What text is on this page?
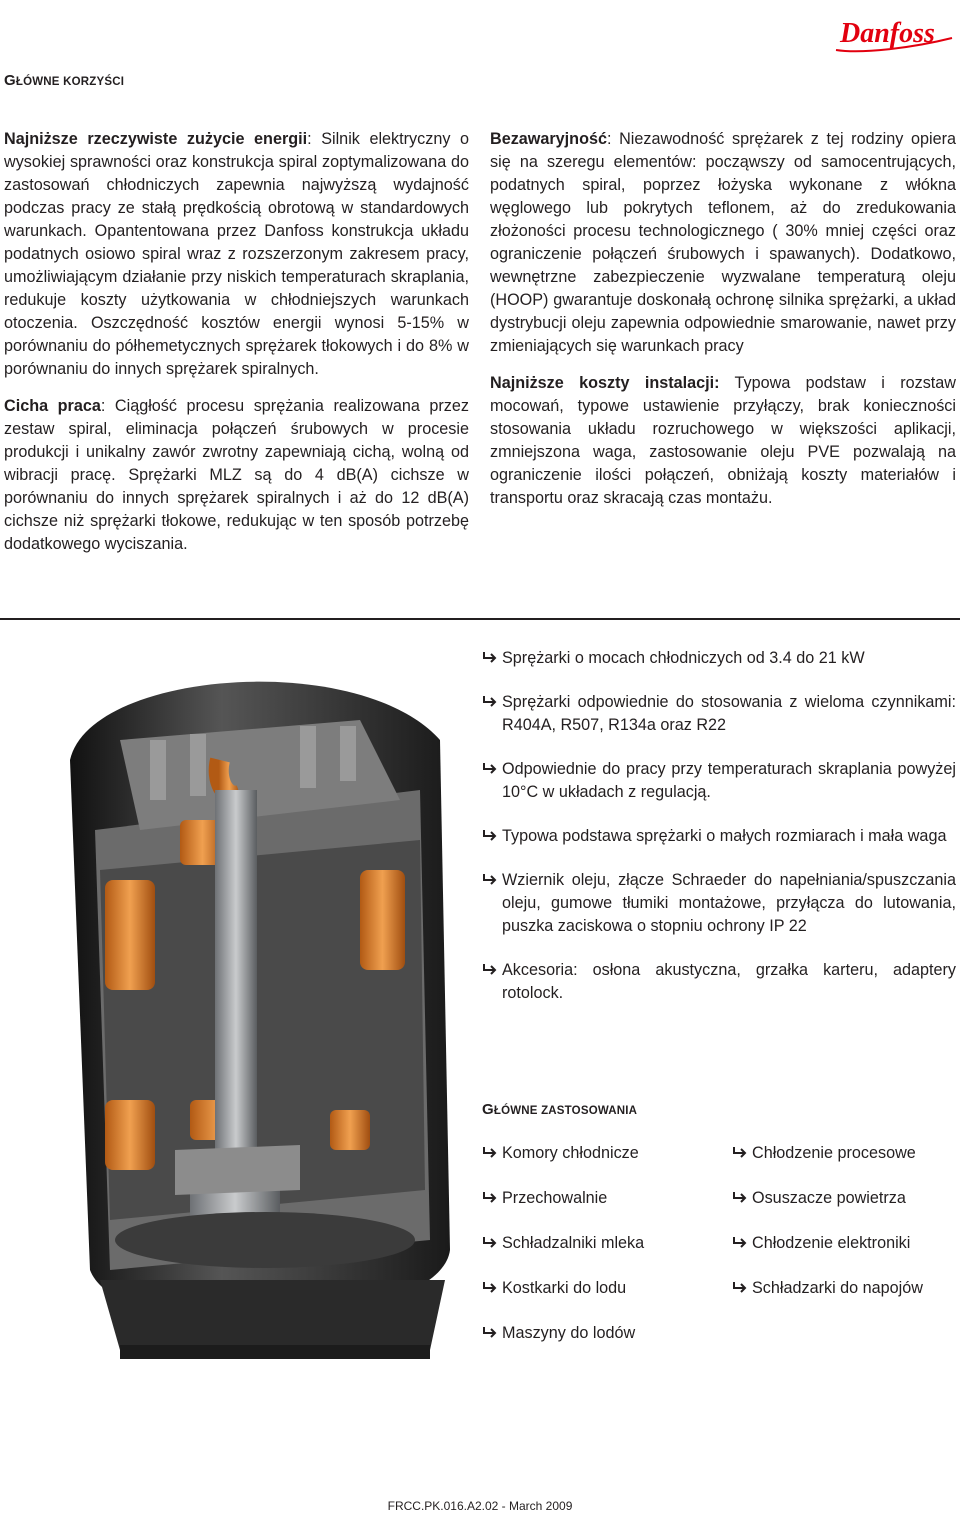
Danfoss
GŁÓWNE KORZYŚCI

Najniższe rzeczywiste zużycie energii: Silnik elektryczny o wysokiej sprawności oraz konstrukcja spiral zoptymalizowana do zastosowań chłodniczych zapewnia najwyższą wydajność podczas pracy ze stałą prędkością obrotową w standardowych warunkach. Opantentowana przez Danfoss konstrukcja układu podatnych osiowo spiral wraz z rozszerzonym zakresem pracy, umożliwiającym działanie przy niskich temperaturach skraplania, redukuje koszty użytkowania w chłodniejszych warunkach otoczenia. Oszczędność kosztów energii wynosi 5-15% w porównaniu do półhemetycznych sprężarek tłokowych i do 8% w porównaniu do innych sprężarek spiralnych.

Cicha praca: Ciągłość procesu sprężania realizowana przez zestaw spiral, eliminacja połączeń śrubowych w procesie produkcji i unikalny zawór zwrotny zapewniają cichą, wolną od wibracji pracę. Sprężarki MLZ są do 4 dB(A) cichsze w porównaniu do innych sprężarek spiralnych i aż do 12 dB(A) cichsze niż sprężarki tłokowe, redukując w ten sposób potrzebę dodatkowego wyciszania.

Bezawaryjność: Niezawodność sprężarek z tej rodziny opiera się na szeregu elementów: począwszy od samocentrujących, podatnych spiral, poprzez łożyska wykonane z włókna węglowego lub pokrytych teflonem, aż do zredukowania złożoności procesu technologicznego ( 30% mniej części oraz ograniczenie połączeń śrubowych i spawanych). Dodatkowo, wewnętrzne zabezpieczenie wyzwalane temperaturą oleju (HOOP) gwarantuje doskonałą ochronę silnika sprężarki, a układ dystrybucji oleju zapewnia odpowiednie smarowanie, nawet przy zmieniających się warunkach pracy

Najniższe koszty instalacji: Typowa podstaw i rozstaw mocowań, typowe ustawienie przyłączy, brak konieczności stosowania układu rozruchowego w większości aplikacji, zmniejszona waga, zastosowanie oleju PVE pozwalają na ograniczenie ilości połączeń, obniżają koszty materiałów i transportu oraz skracają czas montażu.

Sprężarki o mocach chłodniczych od 3.4 do 21 kW
Sprężarki odpowiednie do stosowania z wieloma czynnikami: R404A, R507, R134a oraz R22
Odpowiednie do pracy przy temperaturach skraplania powyżej 10°C w układach z regulacją.
Typowa podstawa sprężarki o małych rozmiarach i mała waga
Wziernik oleju, złącze Schraeder do napełniania/spuszczania oleju, gumowe tłumiki montażowe, przyłącza do lutowania, puszka zaciskowa o stopniu ochrony IP 22
Akcesoria: osłona akustyczna, grzałka karteru, adaptery rotolock.
GŁÓWNE ZASTOSOWANIA
Komory chłodnicze
Przechowalnie
Schładzalniki mleka
Kostkarki do lodu
Maszyny do lodów
Chłodzenie procesowe
Osuszacze powietrza
Chłodzenie elektroniki
Schładzarki do napojów
FRCC.PK.016.A2.02 - March 2009
